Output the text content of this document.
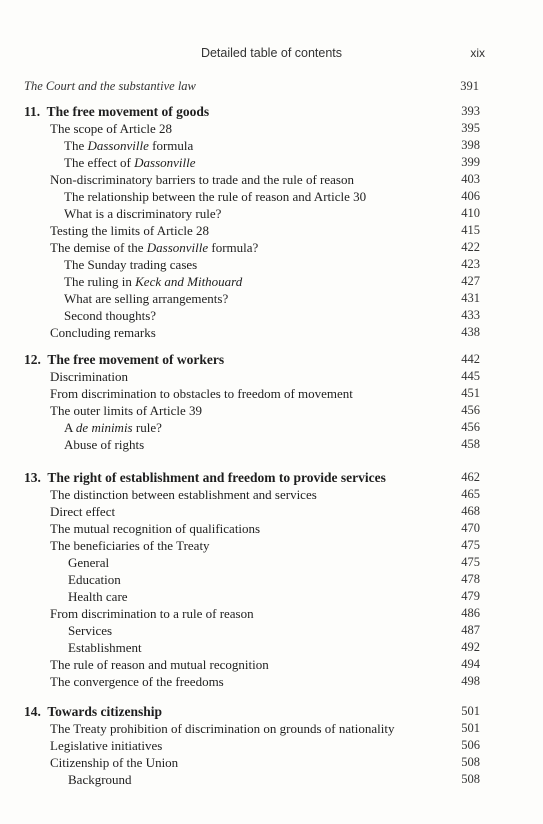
Detailed table of contents	xix
The Court and the substantive law	391
11. The free movement of goods	393
The scope of Article 28	395
The Dassonville formula	398
The effect of Dassonville	399
Non-discriminatory barriers to trade and the rule of reason	403
The relationship between the rule of reason and Article 30	406
What is a discriminatory rule?	410
Testing the limits of Article 28	415
The demise of the Dassonville formula?	422
The Sunday trading cases	423
The ruling in Keck and Mithouard	427
What are selling arrangements?	431
Second thoughts?	433
Concluding remarks	438
12. The free movement of workers	442
Discrimination	445
From discrimination to obstacles to freedom of movement	451
The outer limits of Article 39	456
A de minimis rule?	456
Abuse of rights	458
13. The right of establishment and freedom to provide services	462
The distinction between establishment and services	465
Direct effect	468
The mutual recognition of qualifications	470
The beneficiaries of the Treaty	475
General	475
Education	478
Health care	479
From discrimination to a rule of reason	486
Services	487
Establishment	492
The rule of reason and mutual recognition	494
The convergence of the freedoms	498
14. Towards citizenship	501
The Treaty prohibition of discrimination on grounds of nationality	501
Legislative initiatives	506
Citizenship of the Union	508
Background	508
